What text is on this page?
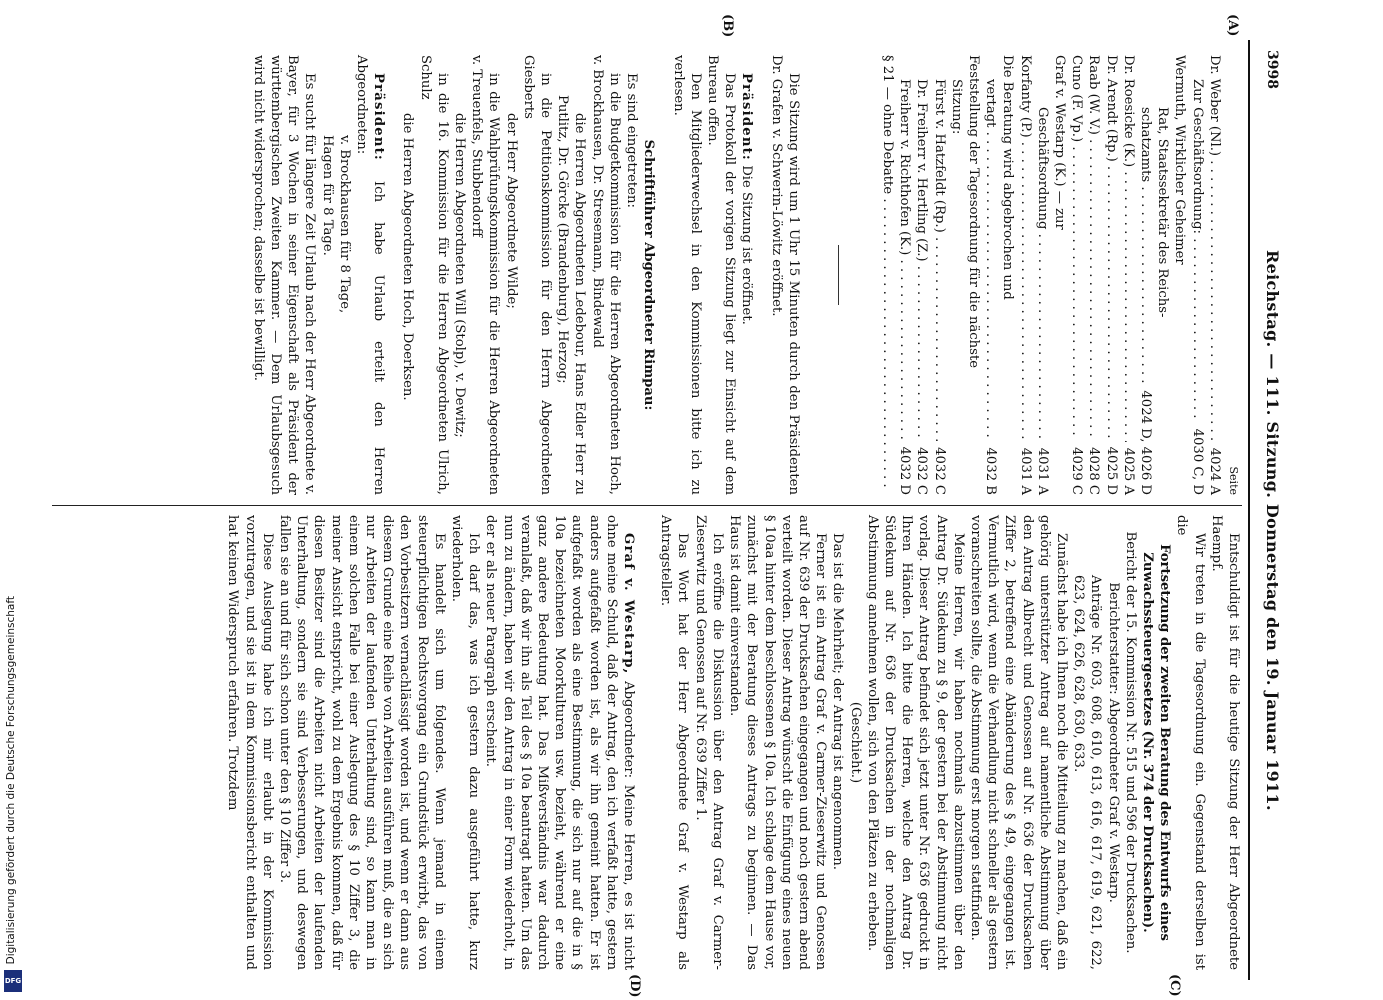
3998
Reichstag. — 111. Sitzung. Donnerstag den 19. Januar 1911.
(A)
(B)
(C)
(D)
Seite
Dr. Weber (Nl.) . . .
4024 A
Zur Geschäftsordnung: . . .
4030 C, D
Wermuth, Wirklicher Geheimer
Rat, Staatssekretär des Reichs-
schatzamts . . .
4024 D, 4026 D
Dr. Roesicke (K.) . . .
4025 A
Dr. Arendt (Rp.) . . .
4025 D
Raab (W. V.) . . .
4028 C
Cuno (F. Vp.) . . .
4029 C
Graf v. Westarp (K.) — zur
Geschäftsordnung . . .
4031 A
Korfanty (P.) . . .
4031 A
Die Beratung wird abgebrochen und
vertagt . . .
4032 B
Feststellung der Tagesordnung für die nächste
Sitzung:
Fürst v. Hatzfeldt (Rp.) . . .
4032 C
Dr. Freiherr v. Hertling (Z.) . . .
4032 C
Freiherr v. Richthofen (K.) . . .
4032 D
§ 21 — ohne Debatte . . .

Die Sitzung wird um 1 Uhr 15 Minuten durch den Präsidenten Dr. Grafen v. Schwerin-Löwitz eröffnet.

Präsident: Die Sitzung ist eröffnet.

Das Protokoll der vorigen Sitzung liegt zur Einsicht auf dem Bureau offen.

Den Mitgliederwechsel in den Kommissionen bitte ich zu verlesen.

Schriftführer Abgeordneter Rimpau:

Es sind eingetreten:

in die Budgetkommission für die Herren Abgeordneten Hoch, v. Brockhausen, Dr. Stresemann, Bindewald

die Herren Abgeordneten Ledebour, Hans Edler Herr zu Putlitz, Dr. Görcke (Brandenburg), Herzog;

in die Petitionskommission für den Herrn Abgeordneten Giesberts

der Herr Abgeordnete Wilde;

in die Wahlprüfungskommission für die Herren Abgeordneten v. Treuenfels, Stubbendorff

die Herren Abgeordneten Will (Stolp), v. Dewitz;

in die 16. Kommission für die Herren Abgeordneten Ulrich, Schulz

die Herren Abgeordneten Hoch, Doerksen.

Präsident: Ich habe Urlaub erteilt den Herren Abgeordneten:

v. Brockhausen für 8 Tage,

Hagen für 8 Tage.

Es sucht für längere Zeit Urlaub nach der Herr Abgeordnete v. Bayer, für 3 Wochen in seiner Eigenschaft als Präsident der württembergischen Zweiten Kammer. — Dem Urlaubsgesuch wird nicht widersprochen; dasselbe ist bewilligt.

Entschuldigt ist für die heutige Sitzung der Herr Abgeordnete Haempf.

Wir treten in die Tagesordnung ein. Gegenstand derselben ist die

Fortsetzung der zweiten Beratung des Entwurfs eines Zuwachssteuergesetzes (Nr. 374 der Drucksachen).

Bericht der 15. Kommission Nr. 515 und 596 der Drucksachen.

Berichterstatter: Abgeordneter Graf v. Westarp.

Anträge Nr. 603, 608, 610, 613, 616, 617, 619, 621, 622, 623, 624, 626, 628, 630, 633.

Zunächst habe ich Ihnen noch die Mitteilung zu machen, daß ein gehörig unterstützter Antrag auf namentliche Abstimmung über den Antrag Albrecht und Genossen auf Nr. 636 der Drucksachen Ziffer 2, betreffend eine Abänderung des § 49, eingegangen ist. Vermutlich wird, wenn die Verhandlung nicht schneller als gestern voranschreiten sollte, die Abstimmung erst morgen stattfinden.

Meine Herren, wir haben nochmals abzustimmen über den Antrag Dr. Südekum zu § 9, der gestern bei der Abstimmung nicht vorlag. Dieser Antrag befindet sich jetzt unter Nr. 636 gedruckt in Ihren Händen. Ich bitte die Herren, welche den Antrag Dr. Südekum auf Nr. 636 der Drucksachen in der nochmaligen Abstimmung annehmen wollen, sich von den Plätzen zu erheben.

(Geschieht.)

Das ist die Mehrheit; der Antrag ist angenommen.

Ferner ist ein Antrag Graf v. Carmer-Zieserwitz und Genossen auf Nr. 639 der Drucksachen eingegangen und noch gestern abend verteilt worden. Dieser Antrag wünscht die Einfügung eines neuen § 10aa hinter dem beschlossenen § 10a. Ich schlage dem Hause vor, zunächst mit der Beratung dieses Antrags zu beginnen. — Das Haus ist damit einverstanden.

Ich eröffne die Diskussion über den Antrag Graf v. Carmer-Zieserwitz und Genossen auf Nr. 639 Ziffer 1.

Das Wort hat der Herr Abgeordnete Graf v. Westarp als Antragsteller.

Graf v. Westarp, Abgeordneter: Meine Herren, es ist nicht ohne meine Schuld, daß der Antrag, den ich verfaßt hatte, gestern anders aufgefaßt worden ist, als wir ihn gemeint hatten. Er ist aufgefaßt worden als eine Bestimmung, die sich nur auf die in § 10a bezeichneten Moorkulturen usw. bezieht, während er eine ganz andere Bedeutung hat. Das Mißverständnis war dadurch veranlaßt, daß wir ihn als Teil des § 10a beantragt hatten. Um das nun zu ändern, haben wir den Antrag in einer Form wiederholt, in der er als neuer Paragraph erscheint.

Ich darf das, was ich gestern dazu ausgeführt hatte, kurz wiederholen.

Es handelt sich um folgendes. Wenn jemand in einem steuerpflichtigen Rechtsvorgang ein Grundstück erwirbt, das von den Vorbesitzern vernachlässigt worden ist, und wenn er dann aus diesem Grunde eine Reihe von Arbeiten ausführen muß, die an sich nur Arbeiten der laufenden Unterhaltung sind, so kann man in einem solchen Falle bei einer Auslegung des § 10 Ziffer 3, die meiner Ansicht entspricht, wohl zu dem Ergebnis kommen, daß für diesen Besitzer sind die Arbeiten nicht Arbeiten der laufenden Unterhaltung, sondern sie sind Verbesserungen, und deswegen fallen sie an und für sich schon unter den § 10 Ziffer 3.

Diese Auslegung habe ich mir erlaubt in der Kommission vorzutragen, und sie ist in dem Kommissionsbericht enthalten und hat keinen Widerspruch erfahren. Trotzdem

Digitalisierung gefördert durch die Deutsche Forschungsgemeinschaft
DFG
